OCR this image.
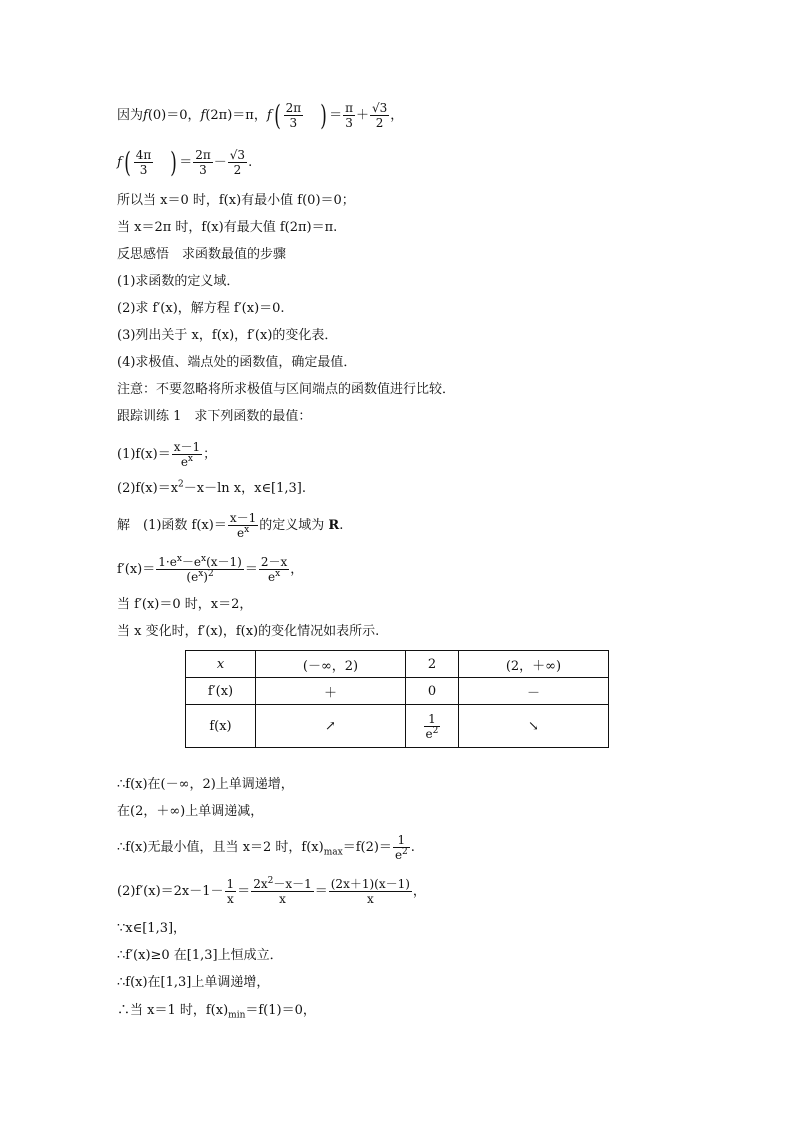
因为f(0)＝0，f(2π)＝π，$f( \frac{2\pi}{3}$ ) ＝ $\frac{\pi}{3} + \frac{√3}{2}$ ，
$f( \frac{4\pi}{3}$ ) ＝ $\frac{2\pi}{3} - \frac{√3}{2}$ .
所以当 x＝0 时，f(x)有最小值 f(0)＝0；
当 x＝2π 时，f(x)有最大值 f(2π)＝π.
反思感悟　求函数最值的步骤
(1)求函数的定义域．
(2)求 f′(x)，解方程 f′(x)＝0.
(3)列出关于 x，f(x)，f′(x)的变化表．
(4)求极值、端点处的函数值，确定最值．
注意：不要忽略将所求极值与区间端点的函数值进行比较．
跟踪训练 1　求下列函数的最值：
$(1)f(x)= \frac{x-1}{e^x}$ ；
$(2)f(x)=x^2-x-\ln$ x，x∈[1,3].
解　(1)函数 $f(x)= \frac{x-1}{e^x}$ 的定义域为 R.
$f'(x)= \frac{1\cdot e^x-e^x(x-1)}{(e^x)^2} = \frac{2-x}{e^x}$ ，
当 f′(x)＝0 时，x＝2，
当 x 变化时，f′(x)，f(x)的变化情况如表所示.
x	(－∞，2)	2	(2，＋∞)
f′(x)	＋	0	－
f(x)	↗	$\frac{1}{e^2}$	↘
∴f(x)在(－∞，2)上单调递增，
在(2，＋∞)上单调递减，
∴f(x)无最小值，且当 x＝2 时，$f(x)_{max}=f(2)= \frac{1}{e^2}$ .
$(2)f'(x)=2x-1- \frac{1}{x} = \frac{2x^2-x-1}{x} = \frac{(2x+1)(x-1)}{x}$ ，
∵x∈[1,3]，
∴f′(x)≥0 在[1,3]上恒成立．
∴f(x)在[1,3]上单调递增，
∴当 x＝1 时，$f(x)_{min}=f(1)=0$，
